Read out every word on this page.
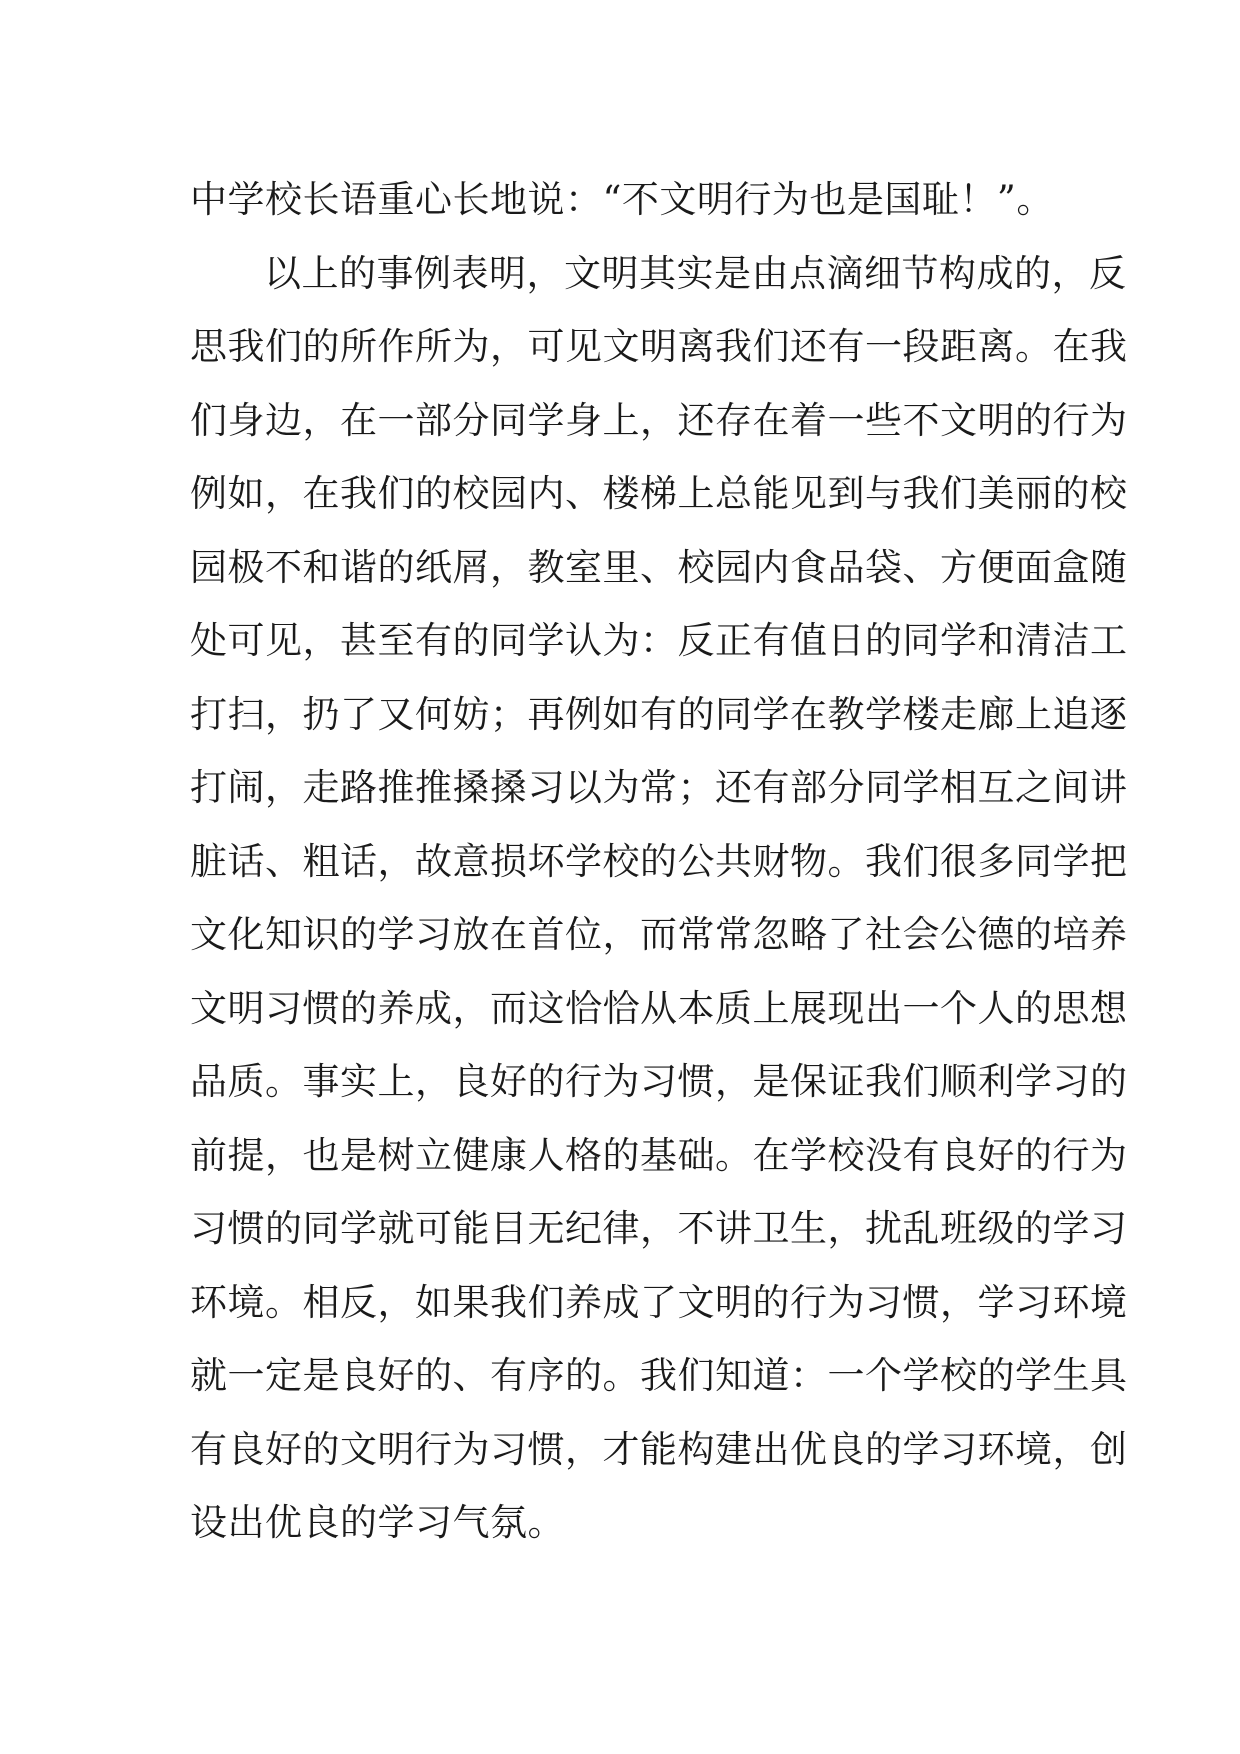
中学校长语重心长地说：“不文明行为也是国耻！”。
以上的事例表明，文明其实是由点滴细节构成的，反
思我们的所作所为，可见文明离我们还有一段距离。在我
们身边，在一部分同学身上，还存在着一些不文明的行为
例如，在我们的校园内、楼梯上总能见到与我们美丽的校
园极不和谐的纸屑，教室里、校园内食品袋、方便面盒随
处可见，甚至有的同学认为：反正有值日的同学和清洁工
打扫，扔了又何妨；再例如有的同学在教学楼走廊上追逐
打闹，走路推推搡搡习以为常；还有部分同学相互之间讲
脏话、粗话，故意损坏学校的公共财物。我们很多同学把
文化知识的学习放在首位，而常常忽略了社会公德的培养
文明习惯的养成，而这恰恰从本质上展现出一个人的思想
品质。事实上，良好的行为习惯，是保证我们顺利学习的
前提，也是树立健康人格的基础。在学校没有良好的行为
习惯的同学就可能目无纪律，不讲卫生，扰乱班级的学习
环境。相反，如果我们养成了文明的行为习惯，学习环境
就一定是良好的、有序的。我们知道：一个学校的学生具
有良好的文明行为习惯，才能构建出优良的学习环境，创
设出优良的学习气氛。
